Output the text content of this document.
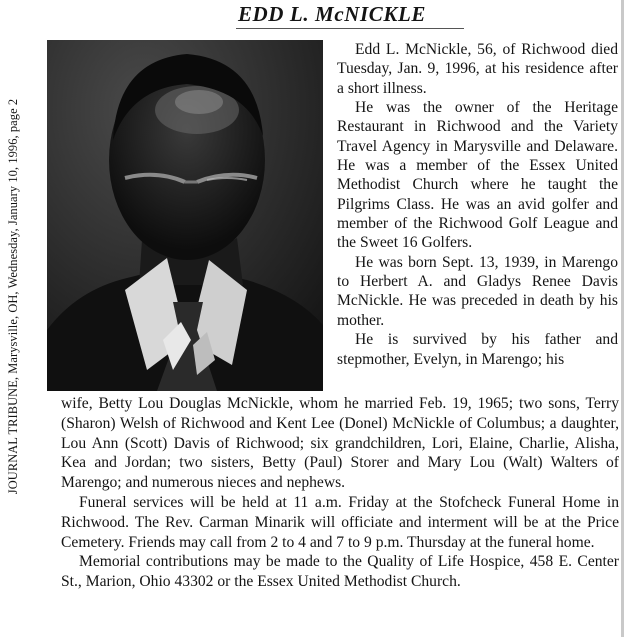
JOURNAL TRIBUNE, Marysville, OH, Wednesday, January 10, 1996, page 2
EDD L. McNICKLE

Edd L. McNickle, 56, of Richwood died Tuesday, Jan. 9, 1996, at his residence after a short illness.

He was the owner of the Heritage Restaurant in Richwood and the Variety Travel Agency in Marysville and Delaware. He was a member of the Essex United Methodist Church where he taught the Pilgrims Class. He was an avid golfer and member of the Richwood Golf League and the Sweet 16 Golfers.

He was born Sept. 13, 1939, in Marengo to Herbert A. and Gladys Renee Davis McNickle. He was preceded in death by his mother.

He is survived by his father and stepmother, Evelyn, in Marengo; his

wife, Betty Lou Douglas McNickle, whom he married Feb. 19, 1965; two sons, Terry (Sharon) Welsh of Richwood and Kent Lee (Donel) McNickle of Columbus; a daughter, Lou Ann (Scott) Davis of Richwood; six grandchildren, Lori, Elaine, Charlie, Alisha, Kea and Jordan; two sisters, Betty (Paul) Storer and Mary Lou (Walt) Walters of Marengo; and numerous nieces and nephews.

Funeral services will be held at 11 a.m. Friday at the Stofcheck Funeral Home in Richwood. The Rev. Carman Minarik will officiate and interment will be at the Price Cemetery. Friends may call from 2 to 4 and 7 to 9 p.m. Thursday at the funeral home.

Memorial contributions may be made to the Quality of Life Hospice, 458 E. Center St., Marion, Ohio 43302 or the Essex United Methodist Church.
